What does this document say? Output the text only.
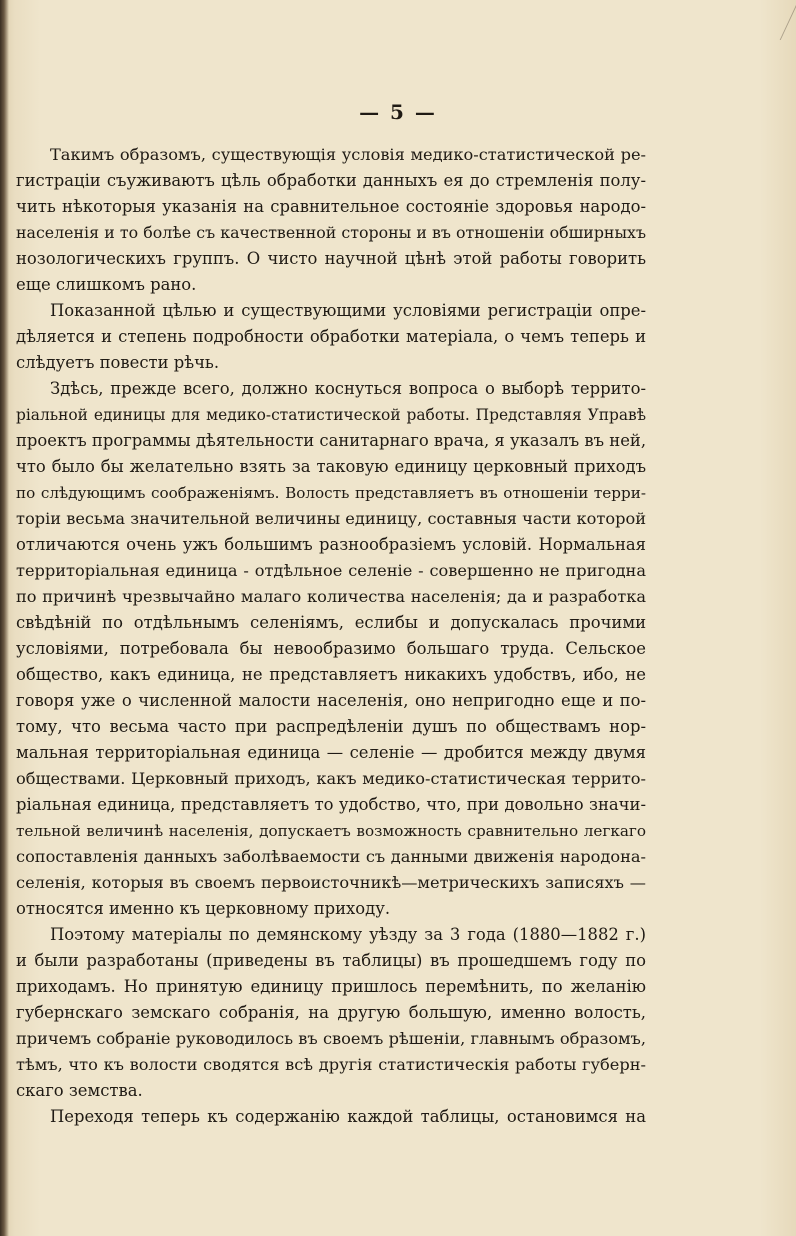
— 5 —
Такимъ образомъ, существующія условія медико-статистической ре-
гистраціи съуживаютъ цѣль обработки данныхъ ея до стремленія полу-
чить нѣкоторыя указанія на сравнительное состояніе здоровья народо-
населенія и то болѣе съ качественной стороны и въ отношеніи обширныхъ
нозологическихъ группъ. О чисто научной цѣнѣ этой работы говорить
еще слишкомъ рано.
Показанной цѣлью и существующими условіями регистраціи опре-
дѣляется и степень подробности обработки матеріала, о чемъ теперь и
слѣдуетъ повести рѣчь.
Здѣсь, прежде всего, должно коснуться вопроса о выборѣ террито-
ріальной единицы для медико-статистической работы. Представляя Управѣ
проектъ программы дѣятельности санитарнаго врача, я указалъ въ ней,
что было бы желательно взять за таковую единицу церковный приходъ
по слѣдующимъ соображеніямъ. Волость представляетъ въ отношеніи терри-
торіи весьма значительной величины единицу, составныя части которой
отличаются очень ужъ большимъ разнообразіемъ условій. Нормальная
территоріальная единица - отдѣльное селеніе - совершенно не пригодна
по причинѣ чрезвычайно малаго количества населенія; да и разработка
свѣдѣній по отдѣльнымъ селеніямъ, еслибы и допускалась прочими
условіями, потребовала бы невообразимо большаго труда. Сельское
общество, какъ единица, не представляетъ никакихъ удобствъ, ибо, не
говоря уже о численной малости населенія, оно непригодно еще и по-
тому, что весьма часто при распредѣленіи душъ по обществамъ нор-
мальная территоріальная единица — селеніе — дробится между двумя
обществами. Церковный приходъ, какъ медико-статистическая террито-
ріальная единица, представляетъ то удобство, что, при довольно значи-
тельной величинѣ населенія, допускаетъ возможность сравнительно легкаго
сопоставленія данныхъ заболѣваемости съ данными движенія народона-
селенія, которыя въ своемъ первоисточникѣ—метрическихъ записяхъ —
относятся именно къ церковному приходу.
Поэтому матеріалы по демянскому уѣзду за 3 года (1880—1882 г.)
и были разработаны (приведены въ таблицы) въ прошедшемъ году по
приходамъ. Но принятую единицу пришлось перемѣнить, по желанію
губернскаго земскаго собранія, на другую большую, именно волость,
причемъ собраніе руководилось въ своемъ рѣшеніи, главнымъ образомъ,
тѣмъ, что къ волости сводятся всѣ другія статистическія работы губерн-
скаго земства.
Переходя теперь къ содержанію каждой таблицы, остановимся на
